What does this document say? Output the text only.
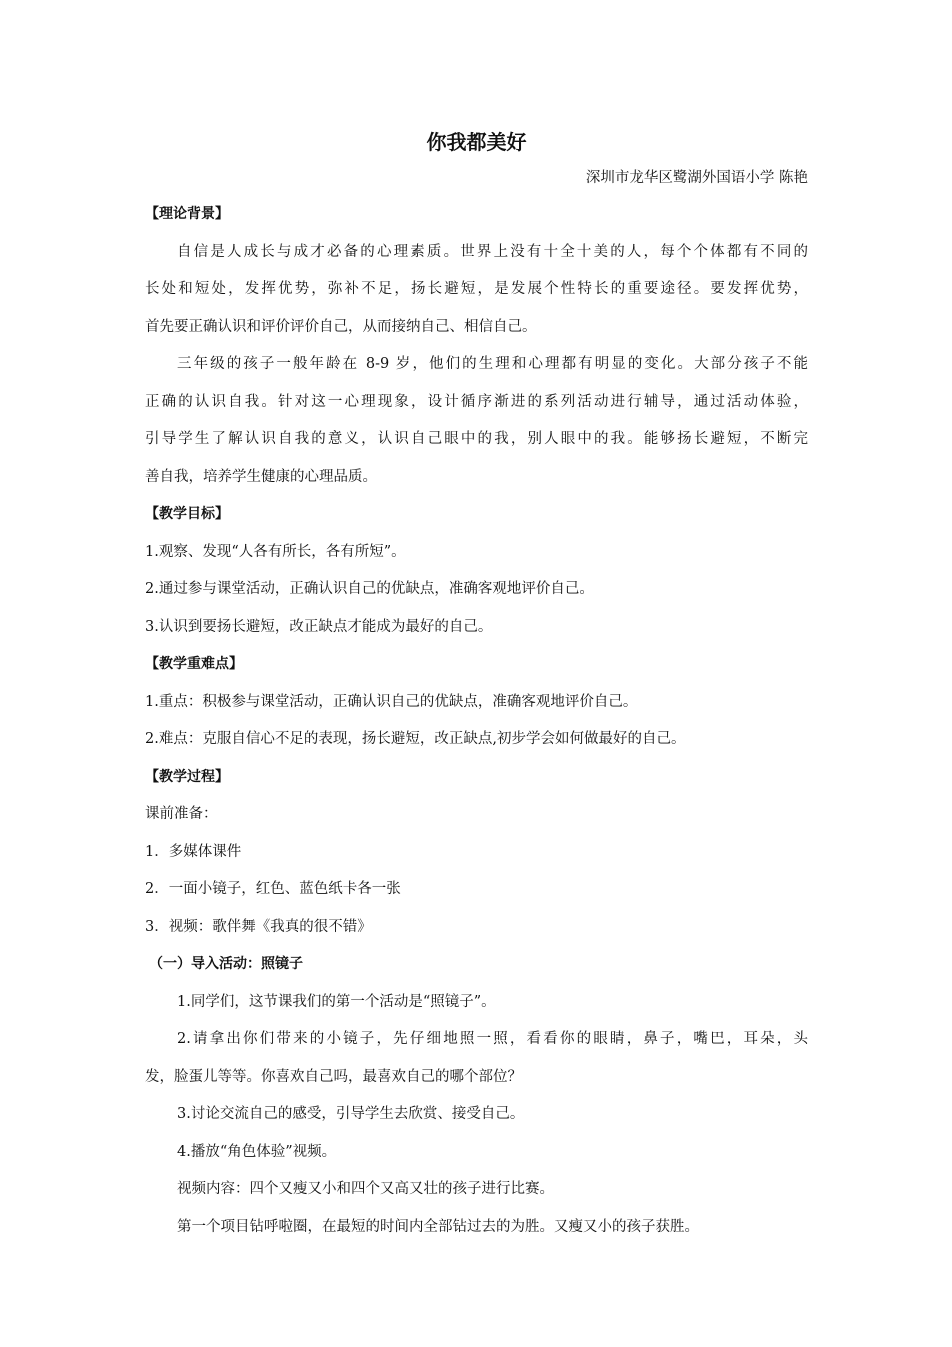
你我都美好
深圳市龙华区鹭湖外国语小学 陈艳
【理论背景】
自信是人成长与成才必备的心理素质。世界上没有十全十美的人，每个个体都有不同的
长处和短处，发挥优势，弥补不足，扬长避短，是发展个性特长的重要途径。要发挥优势，
首先要正确认识和评价评价自己，从而接纳自己、相信自己。
三年级的孩子一般年龄在 8-9 岁，他们的生理和心理都有明显的变化。大部分孩子不能
正确的认识自我。针对这一心理现象，设计循序渐进的系列活动进行辅导，通过活动体验，
引导学生了解认识自我的意义，认识自己眼中的我，别人眼中的我。能够扬长避短，不断完
善自我，培养学生健康的心理品质。
【教学目标】
1.观察、发现“人各有所长，各有所短”。
2.通过参与课堂活动，正确认识自己的优缺点，准确客观地评价自己。
3.认识到要扬长避短，改正缺点才能成为最好的自己。
【教学重难点】
1.重点：积极参与课堂活动，正确认识自己的优缺点，准确客观地评价自己。
2.难点：克服自信心不足的表现，扬长避短，改正缺点,初步学会如何做最好的自己。
【教学过程】
课前准备：
1．多媒体课件
2．一面小镜子，红色、蓝色纸卡各一张
3．视频：歌伴舞《我真的很不错》
（一）导入活动：照镜子
1.同学们，这节课我们的第一个活动是“照镜子”。
2.请拿出你们带来的小镜子，先仔细地照一照，看看你的眼睛，鼻子，嘴巴，耳朵，头
发，脸蛋儿等等。你喜欢自己吗，最喜欢自己的哪个部位？
3.讨论交流自己的感受，引导学生去欣赏、接受自己。
4.播放“角色体验”视频。
视频内容：四个又瘦又小和四个又高又壮的孩子进行比赛。
第一个项目钻呼啦圈，在最短的时间内全部钻过去的为胜。又瘦又小的孩子获胜。
